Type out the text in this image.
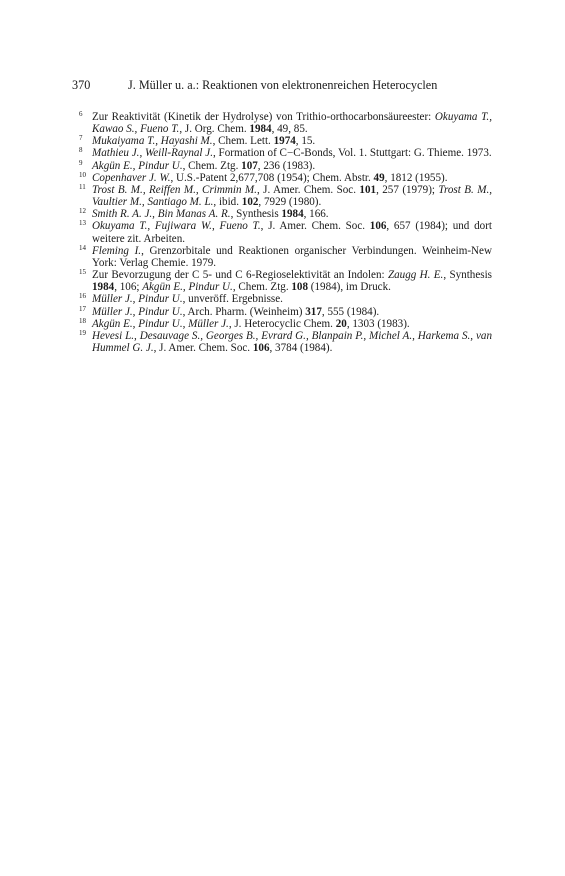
370	J. Müller u. a.: Reaktionen von elektronenreichen Heterocyclen
6 Zur Reaktivität (Kinetik der Hydrolyse) von Trithio-orthocarbonsäureester: Okuyama T., Kawao S., Fueno T., J. Org. Chem. 1984, 49, 85.
7 Mukaiyama T., Hayashi M., Chem. Lett. 1974, 15.
8 Mathieu J., Weill-Raynal J., Formation of C−C-Bonds, Vol. 1. Stuttgart: G. Thieme. 1973.
9 Akgün E., Pindur U., Chem. Ztg. 107, 236 (1983).
10 Copenhaver J. W., U.S.-Patent 2,677,708 (1954); Chem. Abstr. 49, 1812 (1955).
11 Trost B. M., Reiffen M., Crimmin M., J. Amer. Chem. Soc. 101, 257 (1979); Trost B. M., Vaultier M., Santiago M. L., ibid. 102, 7929 (1980).
12 Smith R. A. J., Bin Manas A. R., Synthesis 1984, 166.
13 Okuyama T., Fujiwara W., Fueno T., J. Amer. Chem. Soc. 106, 657 (1984); und dort weitere zit. Arbeiten.
14 Fleming I., Grenzorbitale und Reaktionen organischer Verbindungen. Weinheim-New York: Verlag Chemie. 1979.
15 Zur Bevorzugung der C 5- und C 6-Regioselektivität an Indolen: Zaugg H. E., Synthesis 1984, 106; Akgün E., Pindur U., Chem. Ztg. 108 (1984), im Druck.
16 Müller J., Pindur U., unveröff. Ergebnisse.
17 Müller J., Pindur U., Arch. Pharm. (Weinheim) 317, 555 (1984).
18 Akgün E., Pindur U., Müller J., J. Heterocyclic Chem. 20, 1303 (1983).
19 Hevesi L., Desauvage S., Georges B., Evrard G., Blanpain P., Michel A., Harkema S., van Hummel G. J., J. Amer. Chem. Soc. 106, 3784 (1984).
